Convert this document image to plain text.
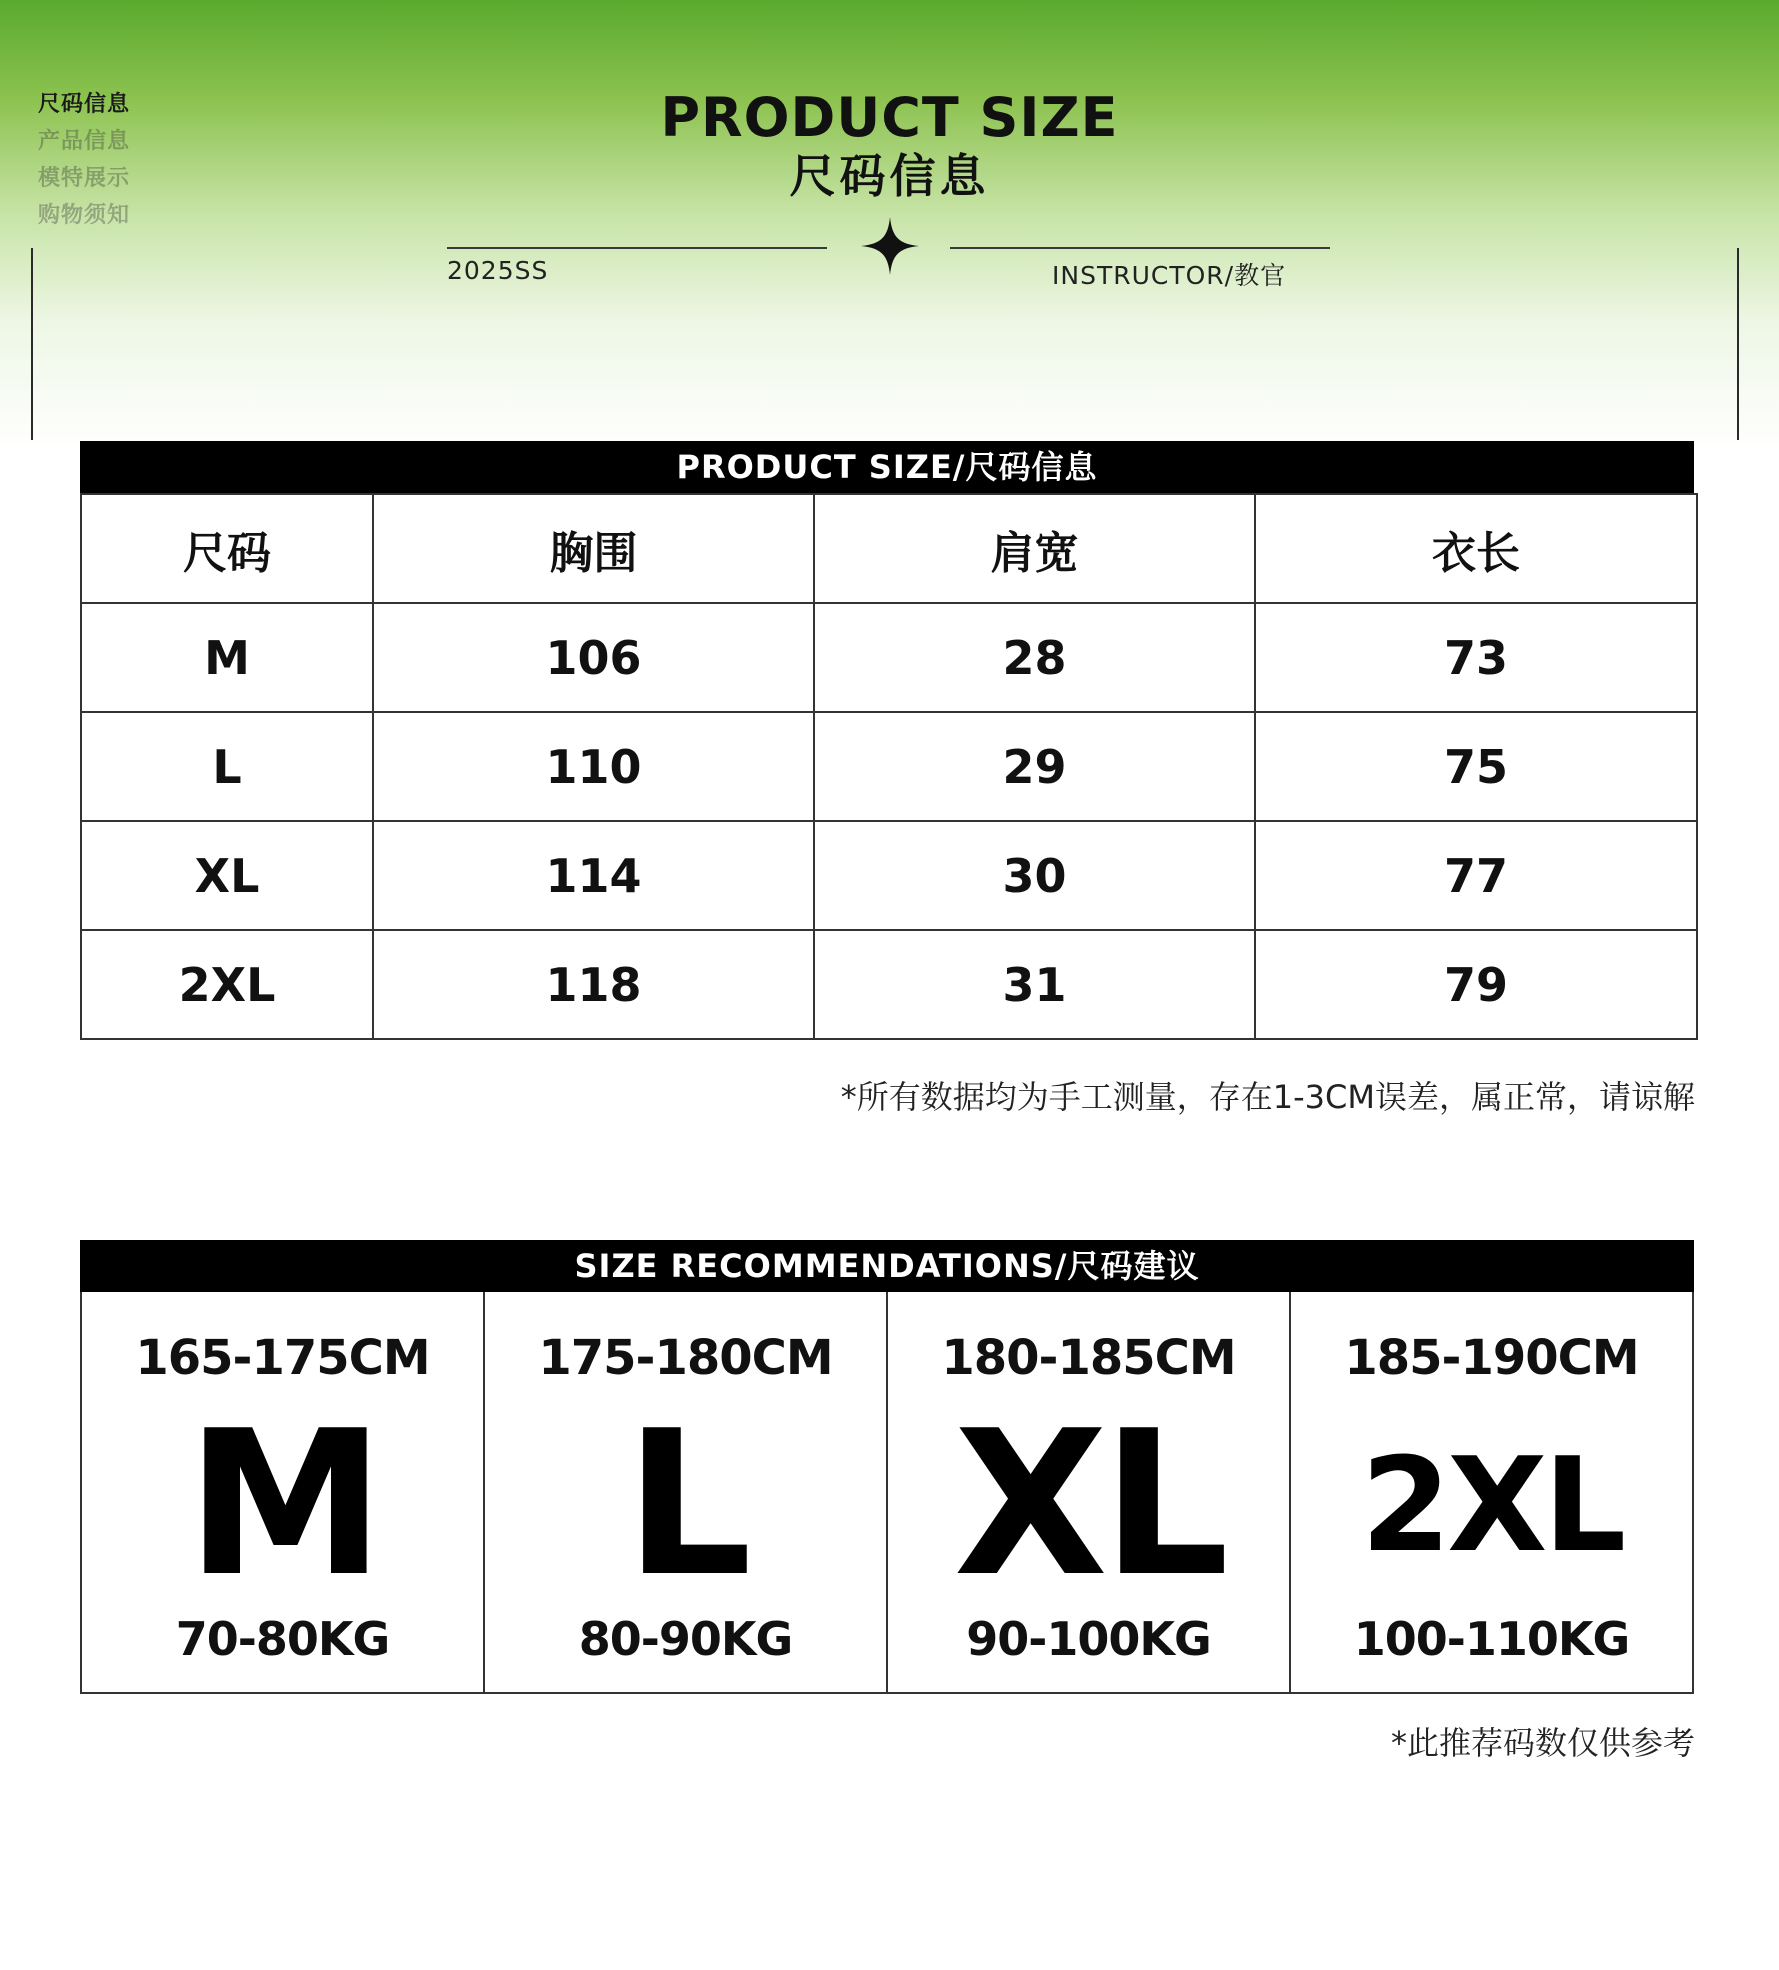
尺码信息
产品信息
模特展示
购物须知
PRODUCT SIZE
尺码信息
2025SS	INSTRUCTOR/教官
PRODUCT SIZE/尺码信息
尺码	胸围	肩宽	衣长
M	106	28	73
L	110	29	75
XL	114	30	77
2XL	118	31	79
*所有数据均为手工测量，存在1-3CM误差，属正常，请谅解
SIZE RECOMMENDATIONS/尺码建议
165-175CM
M
70-80KG
175-180CM
L
80-90KG
180-185CM
XL
90-100KG
185-190CM
2XL
100-110KG
*此推荐码数仅供参考
